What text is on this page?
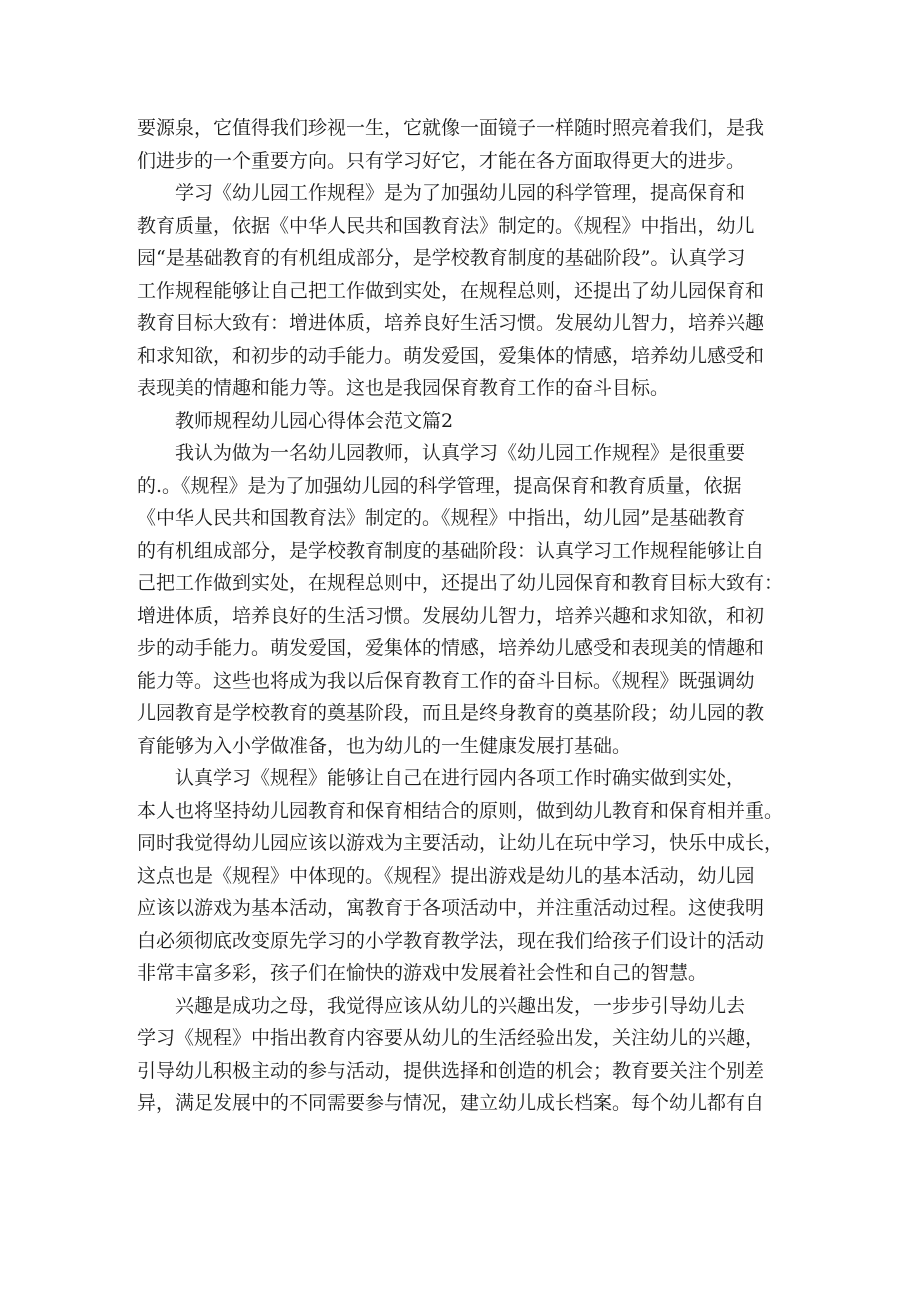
要源泉，它值得我们珍视一生，它就像一面镜子一样随时照亮着我们，是我
们进步的一个重要方向。只有学习好它，才能在各方面取得更大的进步。
学习《幼儿园工作规程》是为了加强幼儿园的科学管理，提高保育和
教育质量，依据《中华人民共和国教育法》制定的。《规程》中指出，幼儿
园“是基础教育的有机组成部分，是学校教育制度的基础阶段”。认真学习
工作规程能够让自己把工作做到实处，在规程总则，还提出了幼儿园保育和
教育目标大致有：增进体质，培养良好生活习惯。发展幼儿智力，培养兴趣
和求知欲，和初步的动手能力。萌发爱国，爱集体的情感，培养幼儿感受和
表现美的情趣和能力等。这也是我园保育教育工作的奋斗目标。
教师规程幼儿园心得体会范文篇2
我认为做为一名幼儿园教师，认真学习《幼儿园工作规程》是很重要
的.。《规程》是为了加强幼儿园的科学管理，提高保育和教育质量，依据
《中华人民共和国教育法》制定的。《规程》中指出，幼儿园”是基础教育
的有机组成部分，是学校教育制度的基础阶段：认真学习工作规程能够让自
己把工作做到实处，在规程总则中，还提出了幼儿园保育和教育目标大致有：
增进体质，培养良好的生活习惯。发展幼儿智力，培养兴趣和求知欲，和初
步的动手能力。萌发爱国，爱集体的情感，培养幼儿感受和表现美的情趣和
能力等。这些也将成为我以后保育教育工作的奋斗目标。《规程》既强调幼
儿园教育是学校教育的奠基阶段，而且是终身教育的奠基阶段；幼儿园的教
育能够为入小学做准备，也为幼儿的一生健康发展打基础。
认真学习《规程》能够让自己在进行园内各项工作时确实做到实处，
本人也将坚持幼儿园教育和保育相结合的原则，做到幼儿教育和保育相并重。
同时我觉得幼儿园应该以游戏为主要活动，让幼儿在玩中学习，快乐中成长，
这点也是《规程》中体现的。《规程》提出游戏是幼儿的基本活动，幼儿园
应该以游戏为基本活动，寓教育于各项活动中，并注重活动过程。这使我明
白必须彻底改变原先学习的小学教育教学法，现在我们给孩子们设计的活动
非常丰富多彩，孩子们在愉快的游戏中发展着社会性和自己的智慧。
兴趣是成功之母，我觉得应该从幼儿的兴趣出发，一步步引导幼儿去
学习《规程》中指出教育内容要从幼儿的生活经验出发，关注幼儿的兴趣，
引导幼儿积极主动的参与活动，提供选择和创造的机会；教育要关注个别差
异，满足发展中的不同需要参与情况，建立幼儿成长档案。每个幼儿都有自
